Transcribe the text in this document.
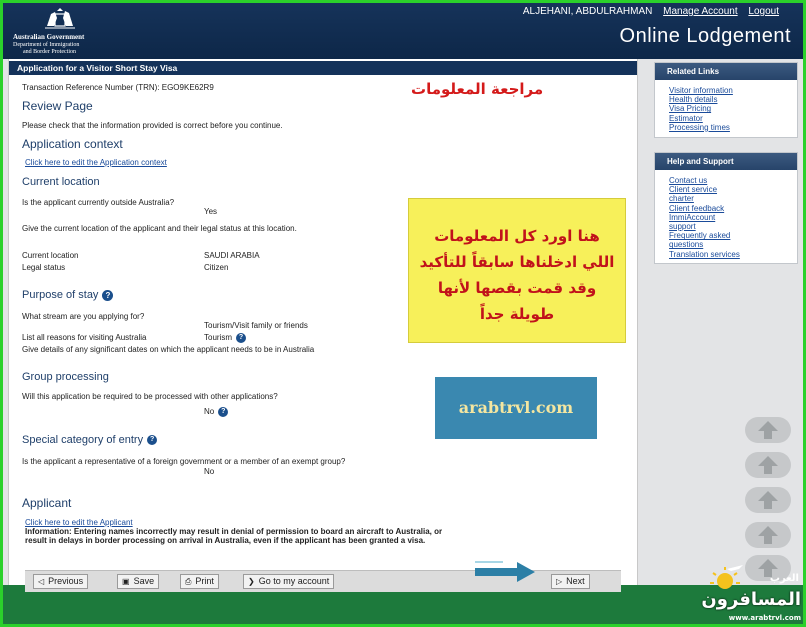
Australian Government
Department of Immigration
and Border Protection
ALJEHANI, ABDULRAHMAN Manage Account Logout
Online Lodgement
Application for a Visitor Short Stay Visa
Transaction Reference Number (TRN): EGO9KE62R9
Review Page
Please check that the information provided is correct before you continue.
Application context
Click here to edit the Application context
Current location
Is the applicant currently outside Australia?
Yes
Give the current location of the applicant and their legal status at this location.
Current location	SAUDI ARABIA
Legal status	Citizen
Purpose of stay ?
What stream are you applying for?
Tourism/Visit family or friends
List all reasons for visiting Australia	Tourism ?
Give details of any significant dates on which the applicant needs to be in Australia
Group processing
Will this application be required to be processed with other applications?
No ?
Special category of entry ?
Is the applicant a representative of a foreign government or a member of an exempt group?
No
Applicant
Click here to edit the Applicant
Information: Entering names incorrectly may result in denial of permission to board an aircraft to Australia, or
result in delays in border processing on arrival in Australia, even if the applicant has been granted a visa.
مراجعة المعلومات
هنا اورد كل المعلومات
اللي ادخلناها سابقاً للتأكيد
وقد قمت بقصها لأنها
طويلة جداً
arabtrvl.com
Related Links
Visitor information
Health details
Visa Pricing
Estimator
Processing times
Help and Support
Contact us
Client service
charter
Client feedback
ImmiAccount
support
Frequently asked
questions
Translation services
◁ Previous	▣ Save	⎙ Print	❯ Go to my account	▷ Next	العرب
المسافرون
www.arabtrvl.com
